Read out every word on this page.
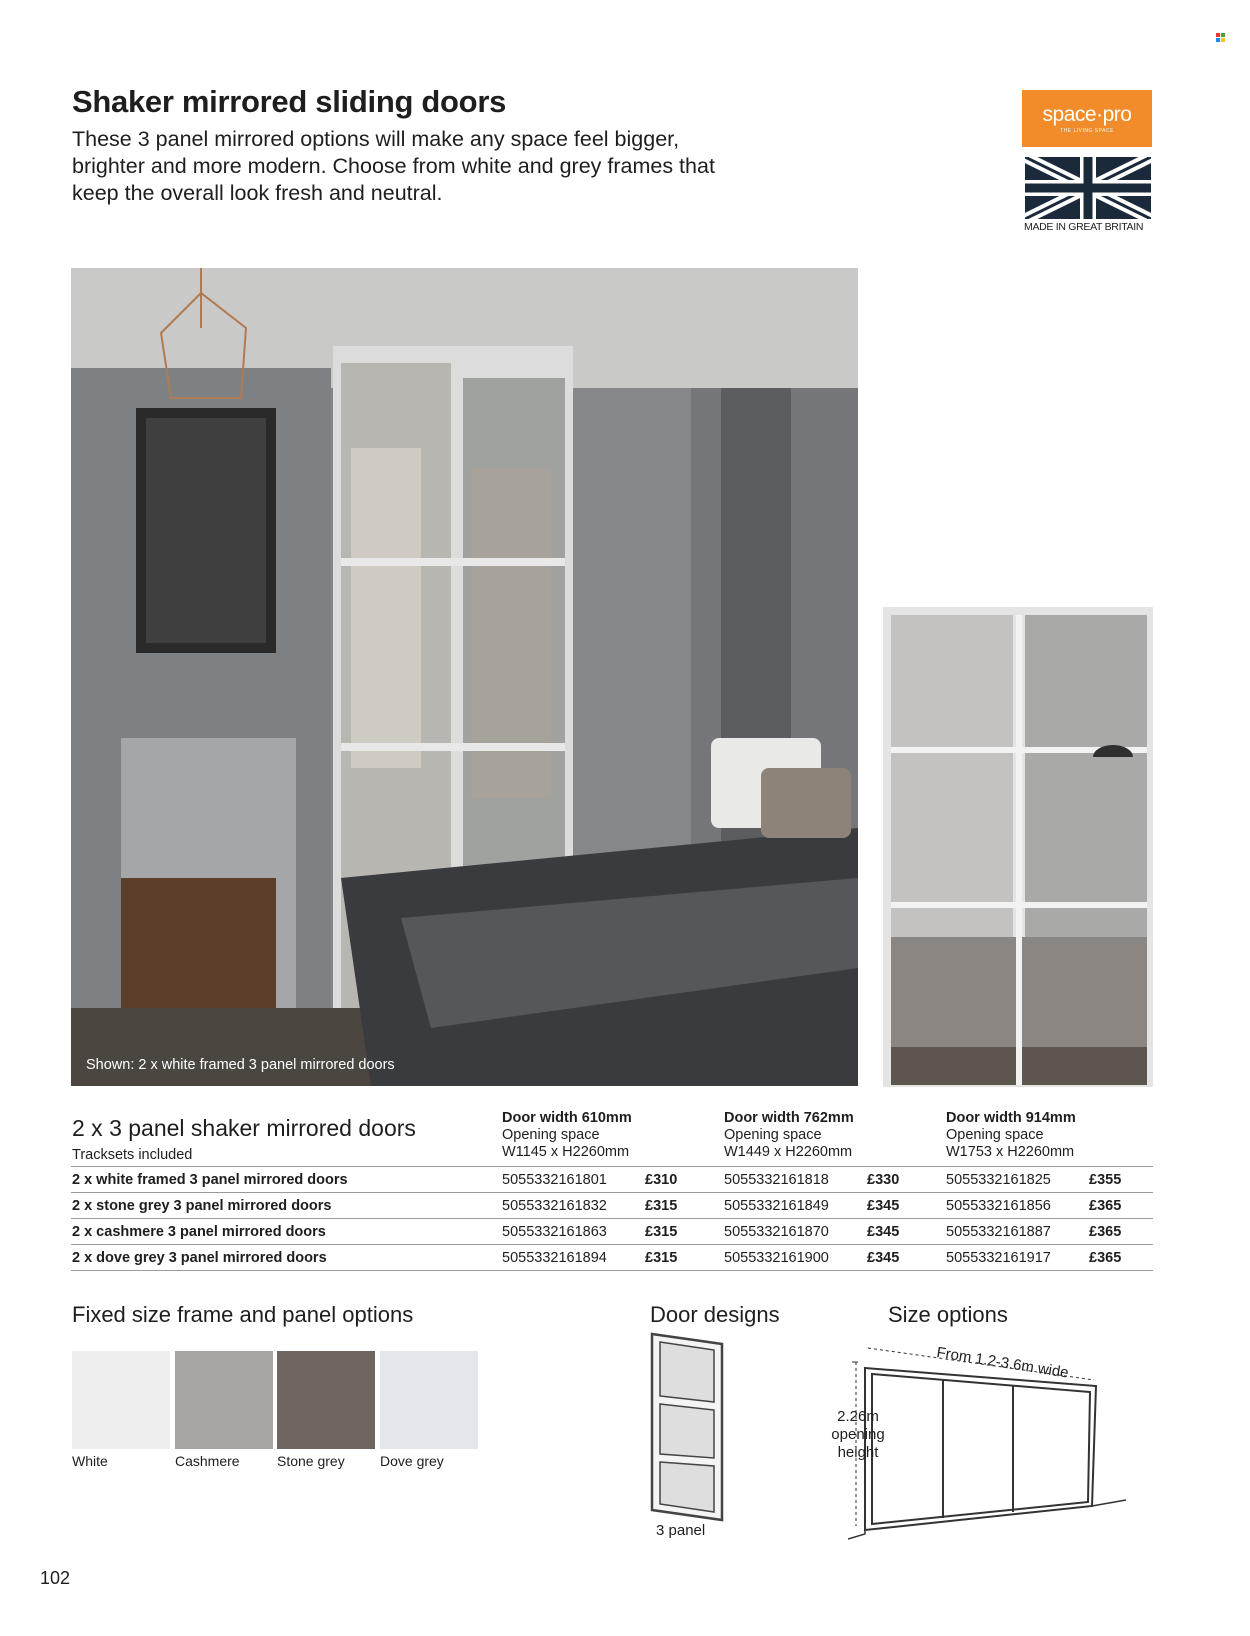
Shaker mirrored sliding doors

These 3 panel mirrored options will make any space feel bigger, brighter and more modern. Choose from white and grey frames that keep the overall look fresh and neutral.

space·pro
THE LIVING SPACE
MADE IN GREAT BRITAIN
Shown: 2 x white framed 3 panel mirrored doors
2 x 3 panel shaker mirrored doors
Tracksets included
Door width 610mm
Opening space
W1145 x H2260mm
Door width 762mm
Opening space
W1449 x H2260mm
Door width 914mm
Opening space
W1753 x H2260mm
2 x white framed 3 panel mirrored doors	5055332161801	£310	5055332161818	£330	5055332161825	£355
2 x stone grey 3 panel mirrored doors	5055332161832	£315	5055332161849	£345	5055332161856	£365
2 x cashmere 3 panel mirrored doors	5055332161863	£315	5055332161870	£345	5055332161887	£365
2 x dove grey 3 panel mirrored doors	5055332161894	£315	5055332161900	£345	5055332161917	£365
Fixed size frame and panel options
White	Cashmere	Stone grey	Dove grey
Door designs
3 panel
Size options
From 1.2-3.6m wide
2.26m
opening
height
102
